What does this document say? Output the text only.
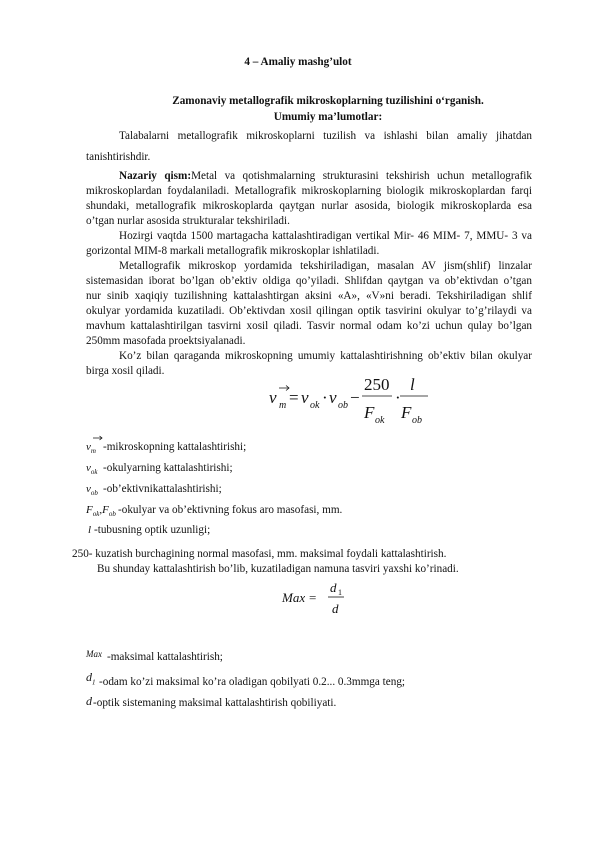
4 – Amaliy mashg’ulot
Zamonaviy metallografik mikroskoplarning tuzilishini o‘rganish.
Umumiy ma’lumotlar:
Talabalarni metallografik mikroskoplarni tuzilish va ishlashi bilan amaliy jihatdan
tanishtirishdir.
Nazariy qism:Metal va qotishmalarning strukturasini tekshirish uchun metallografik
mikroskoplardan foydalaniladi. Metallografik mikroskoplarning biologik mikroskoplardan farqi
shundaki, metallografik mikroskoplarda qaytgan nurlar asosida, biologik mikroskoplarda esa
o’tgan nurlar asosida strukturalar tekshiriladi.
Hozirgi vaqtda 1500 martagacha kattalashtiradigan vertikal Mir- 46 MIM- 7, MMU- 3 va
gorizontal MIM-8 markali metallografik mikroskoplar ishlatiladi.
Metallografik mikroskop yordamida tekshiriladigan, masalan AV jism(shlif) linzalar
sistemasidan iborat bo’lgan ob’ektiv oldiga qo’yiladi. Shlifdan qaytgan va ob’ektivdan o’tgan
nur sinib xaqiqiy tuzilishning kattalashtirgan aksini «A», «V»ni beradi. Tekshiriladigan shlif
okulyar yordamida kuzatiladi. Ob’ektivdan xosil qilingan optik tasvirini okulyar to’g’rilaydi va
mavhum kattalashtirilgan tasvirni xosil qiladi. Tasvir normal odam ko’zi uchun qulay bo’lgan
250mm masofada proektsiyalanadi.
Ko’z bilan qaraganda mikroskopning umumiy kattalashtirishning ob’ektiv bilan okulyar
birga xosil qiladi.
v m = v ok · v ob −
250
F ok
·
l
F ob
$v_m$ -mikroskopning kattalashtirishi;
$v_{ok}$ -okulyarning kattalashtirishi;
$v_{ob}$ -ob’ektivnikattalashtirishi;
$F_{ok},F_{ob}$ -okulyar va ob’ektivning fokus aro masofasi, mm.
l -tubusning optik uzunligi;
250- kuzatish burchagining normal masofasi, mm. maksimal foydali kattalashtirish.
Bu shunday kattalashtirish bo’lib, kuzatiladigan namuna tasviri yaxshi ko’rinadi.
Max =
d 1
d
Max -maksimal kattalashtirish;
$d_1$ -odam ko’zi maksimal ko’ra oladigan qobilyati 0.2... 0.3mmga teng;
d -optik sistemaning maksimal kattalashtirish qobiliyati.
